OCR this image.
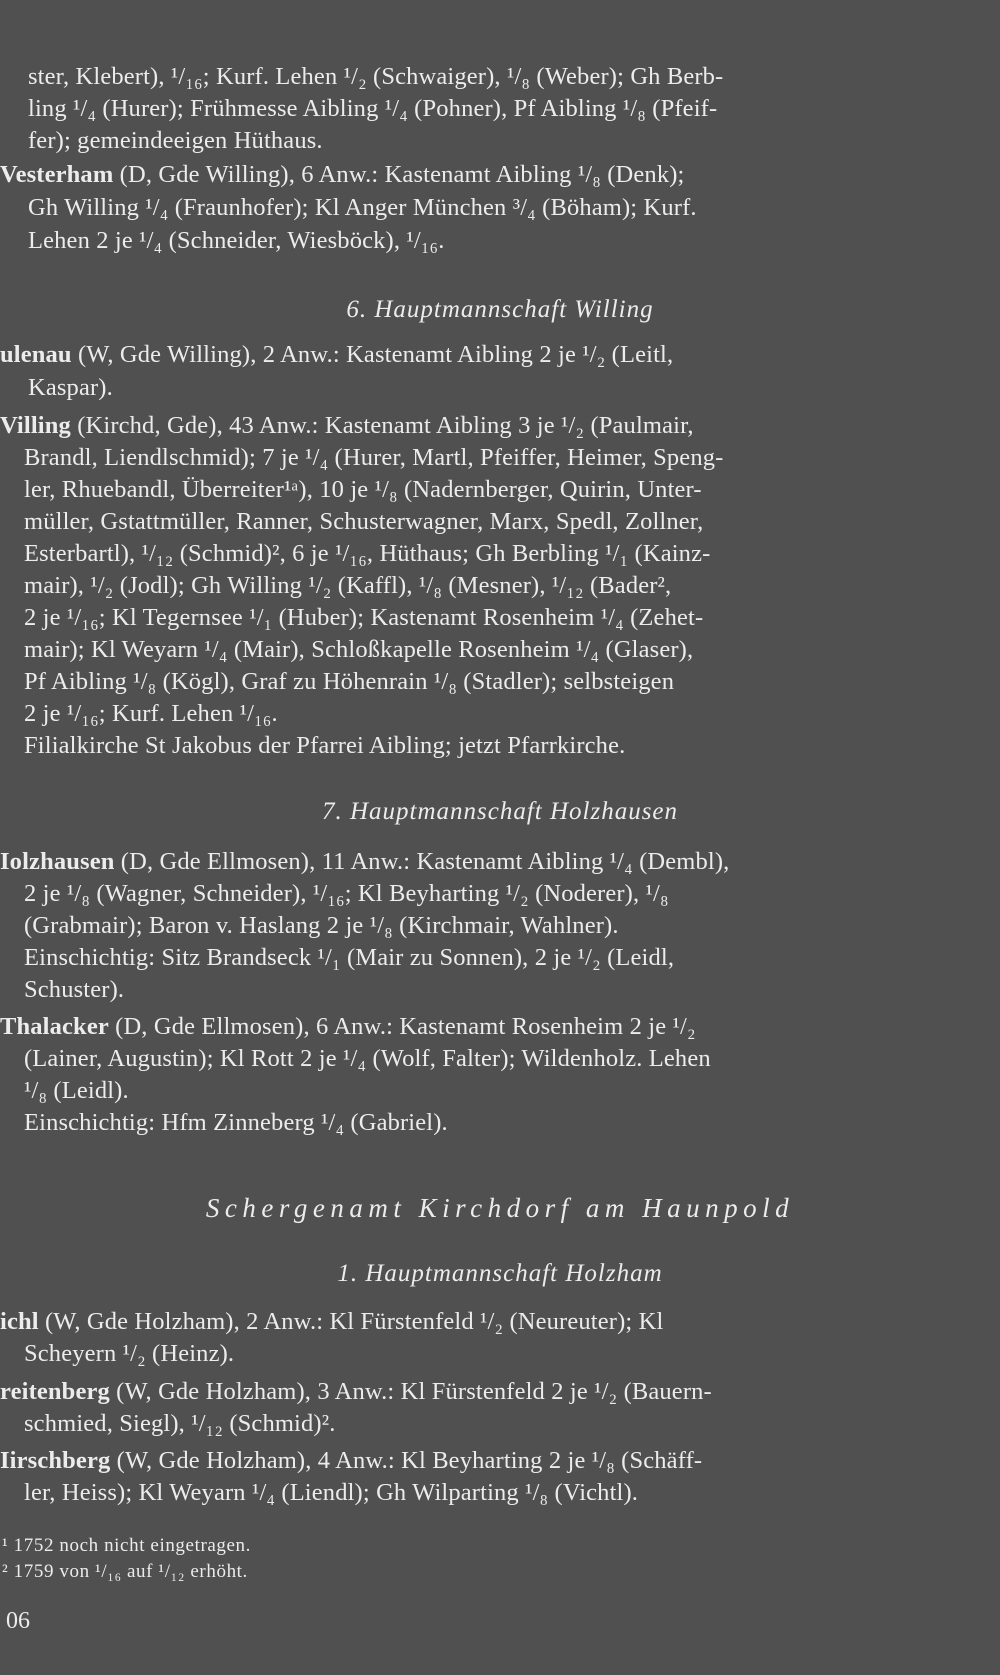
ster, Klebert), ¹/₁₆; Kurf. Lehen ¹/₂ (Schwaiger), ¹/₈ (Weber); Gh Berb-
ling ¹/₄ (Hurer); Frühmesse Aibling ¹/₄ (Pohner), Pf Aibling ¹/₈ (Pfeif-
fer); gemeindeeigen Hüthaus.
Vesterham (D, Gde Willing), 6 Anw.: Kastenamt Aibling ¹/₈ (Denk);
Gh Willing ¹/₄ (Fraunhofer); Kl Anger München ³/₄ (Böham); Kurf.
Lehen 2 je ¹/₄ (Schneider, Wiesböck), ¹/₁₆.
6. Hauptmannschaft Willing
ulenau (W, Gde Willing), 2 Anw.: Kastenamt Aibling 2 je ¹/₂ (Leitl,
Kaspar).
Villing (Kirchd, Gde), 43 Anw.: Kastenamt Aibling 3 je ¹/₂ (Paulmair,
Brandl, Liendlschmid); 7 je ¹/₄ (Hurer, Martl, Pfeiffer, Heimer, Speng-
ler, Rhuebandl, Überreiter¹ᵃ), 10 je ¹/₈ (Nadernberger, Quirin, Unter-
müller, Gstattmüller, Ranner, Schusterwagner, Marx, Spedl, Zollner,
Esterbartl), ¹/₁₂ (Schmid)², 6 je ¹/₁₆, Hüthaus; Gh Berbling ¹/₁ (Kainz-
mair), ¹/₂ (Jodl); Gh Willing ¹/₂ (Kaffl), ¹/₈ (Mesner), ¹/₁₂ (Bader²,
2 je ¹/₁₆; Kl Tegernsee ¹/₁ (Huber); Kastenamt Rosenheim ¹/₄ (Zehet-
mair); Kl Weyarn ¹/₄ (Mair), Schloßkapelle Rosenheim ¹/₄ (Glaser),
Pf Aibling ¹/₈ (Kögl), Graf zu Höhenrain ¹/₈ (Stadler); selbsteigen
2 je ¹/₁₆; Kurf. Lehen ¹/₁₆.
Filialkirche St Jakobus der Pfarrei Aibling; jetzt Pfarrkirche.
7. Hauptmannschaft Holzhausen
Iolzhausen (D, Gde Ellmosen), 11 Anw.: Kastenamt Aibling ¹/₄ (Dembl),
2 je ¹/₈ (Wagner, Schneider), ¹/₁₆; Kl Beyharting ¹/₂ (Noderer), ¹/₈
(Grabmair); Baron v. Haslang 2 je ¹/₈ (Kirchmair, Wahlner).
Einschichtig: Sitz Brandseck ¹/₁ (Mair zu Sonnen), 2 je ¹/₂ (Leidl,
Schuster).
Thalacker (D, Gde Ellmosen), 6 Anw.: Kastenamt Rosenheim 2 je ¹/₂
(Lainer, Augustin); Kl Rott 2 je ¹/₄ (Wolf, Falter); Wildenholz. Lehen
¹/₈ (Leidl).
Einschichtig: Hfm Zinneberg ¹/₄ (Gabriel).
Schergenamt Kirchdorf am Haunpold
1. Hauptmannschaft Holzham
ichl (W, Gde Holzham), 2 Anw.: Kl Fürstenfeld ¹/₂ (Neureuter); Kl
Scheyern ¹/₂ (Heinz).
reitenberg (W, Gde Holzham), 3 Anw.: Kl Fürstenfeld 2 je ¹/₂ (Bauern-
schmied, Siegl), ¹/₁₂ (Schmid)².
Iirschberg (W, Gde Holzham), 4 Anw.: Kl Beyharting 2 je ¹/₈ (Schäff-
ler, Heiss); Kl Weyarn ¹/₄ (Liendl); Gh Wilparting ¹/₈ (Vichtl).
¹ 1752 noch nicht eingetragen.
² 1759 von ¹/₁₆ auf ¹/₁₂ erhöht.
06
